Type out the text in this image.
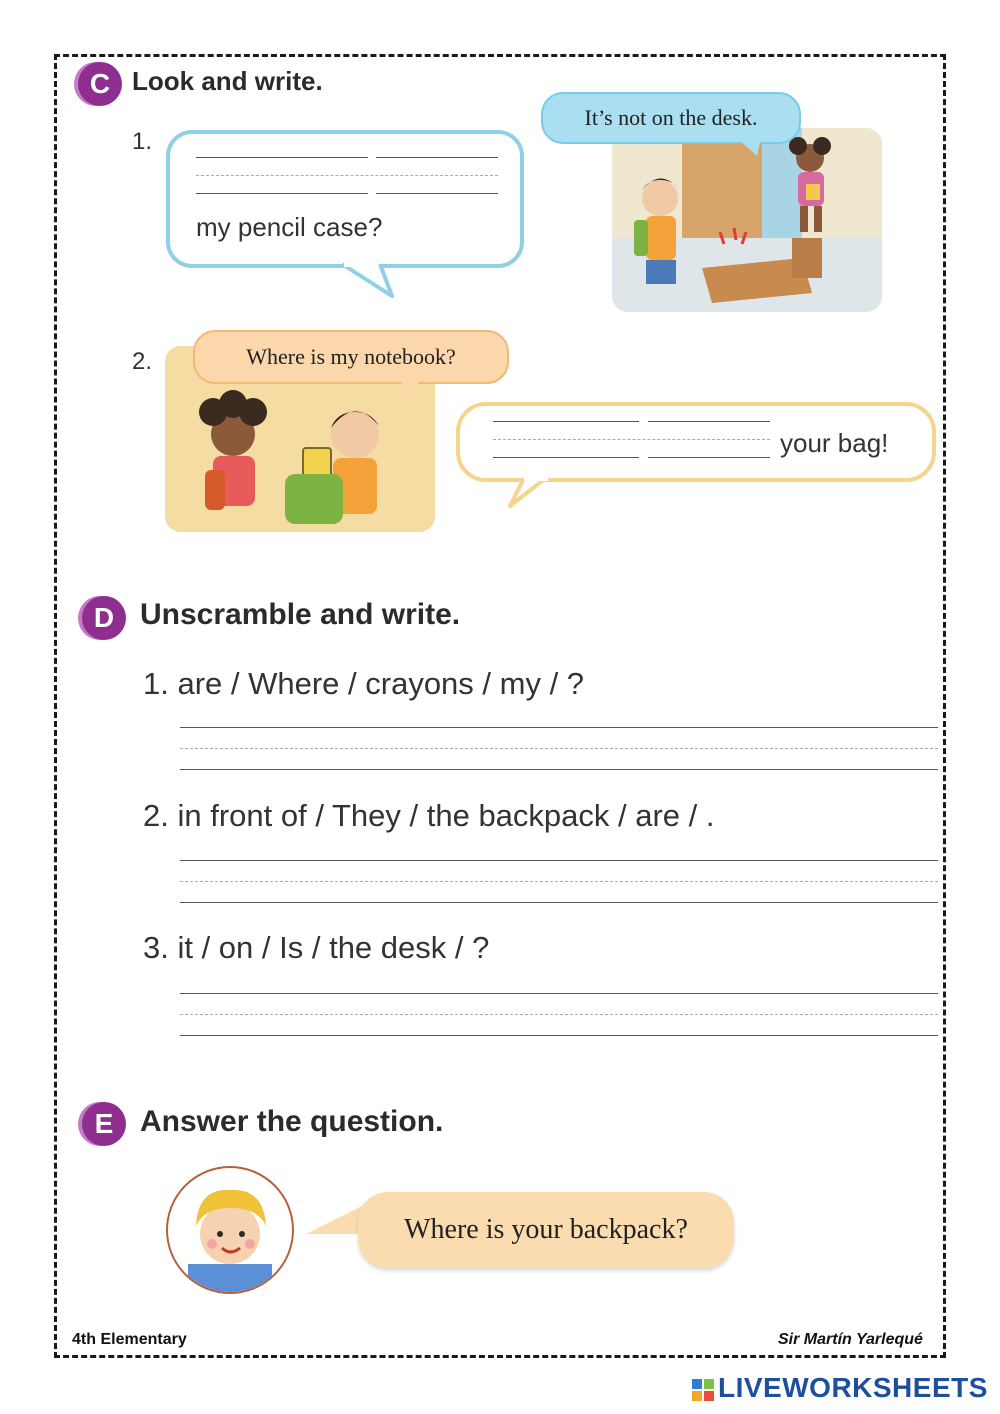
C Look and write.
1.
my pencil case?
It’s not on the desk.
2.	Where is my notebook?
your bag!
D Unscramble and write.
1. are / Where / crayons / my / ?
2. in front of / They / the backpack / are / .
3. it / on / Is / the desk / ?
E Answer the question.
Where is your backpack?
4th Elementary	Sir Martín Yarlequé
LIVEWORKSHEETS
